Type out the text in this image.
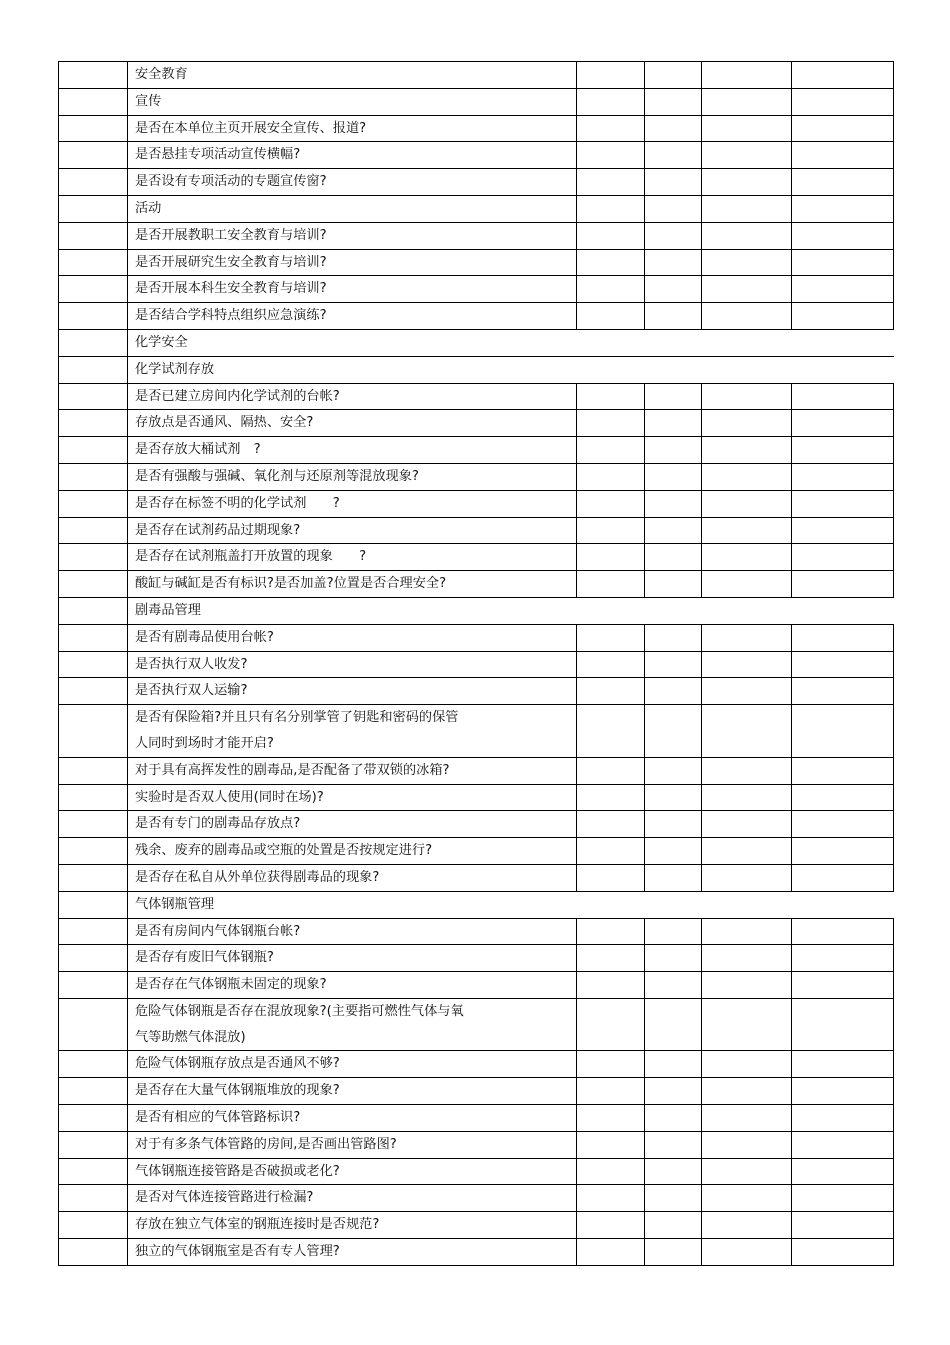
	安全教育				
	宣传				
	是否在本单位主页开展安全宣传、报道?				
	是否悬挂专项活动宣传横幅?				
	是否设有专项活动的专题宣传窗?				
	活动				
	是否开展教职工安全教育与培训?				
	是否开展研究生安全教育与培训?				
	是否开展本科生安全教育与培训?				
	是否结合学科特点组织应急演练?				
	化学安全				
	化学试剂存放				
	是否已建立房间内化学试剂的台帐?				
	存放点是否通风、隔热、安全?				
	是否存放大桶试剂　?				
	是否有强酸与强碱、氧化剂与还原剂等混放现象?				
	是否存在标签不明的化学试剂　　?				
	是否存在试剂药品过期现象?				
	是否存在试剂瓶盖打开放置的现象　　?				
	酸缸与碱缸是否有标识?是否加盖?位置是否合理安全?				
	剧毒品管理				
	是否有剧毒品使用台帐?				
	是否执行双人收发?				
	是否执行双人运输?				
	是否有保险箱?并且只有名分别掌管了钥匙和密码的保管
人同时到场时才能开启?				
	对于具有高挥发性的剧毒品,是否配备了带双锁的冰箱?				
	实验时是否双人使用(同时在场)?				
	是否有专门的剧毒品存放点?				
	残余、废弃的剧毒品或空瓶的处置是否按规定进行?				
	是否存在私自从外单位获得剧毒品的现象?				
	气体钢瓶管理				
	是否有房间内气体钢瓶台帐?				
	是否存有废旧气体钢瓶?				
	是否存在气体钢瓶未固定的现象?				
	危险气体钢瓶是否存在混放现象?(主要指可燃性气体与氧
气等助燃气体混放)				
	危险气体钢瓶存放点是否通风不够?				
	是否存在大量气体钢瓶堆放的现象?				
	是否有相应的气体管路标识?				
	对于有多条气体管路的房间,是否画出管路图?				
	气体钢瓶连接管路是否破损或老化?				
	是否对气体连接管路进行检漏?				
	存放在独立气体室的钢瓶连接时是否规范?				
	独立的气体钢瓶室是否有专人管理?				
